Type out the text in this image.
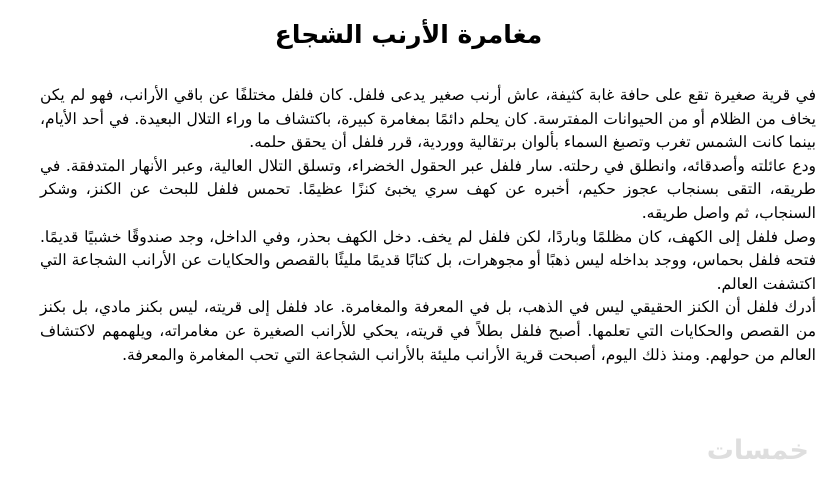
مغامرة الأرنب الشجاع

في قرية صغيرة تقع على حافة غابة كثيفة، عاش أرنب صغير يدعى فلفل. كان فلفل مختلفًا عن باقي الأرانب، فهو لم يكن يخاف من الظلام أو من الحيوانات المفترسة. كان يحلم دائمًا بمغامرة كبيرة، باكتشاف ما وراء التلال البعيدة. في أحد الأيام، بينما كانت الشمس تغرب وتصبغ السماء بألوان برتقالية ووردية، قرر فلفل أن يحقق حلمه.

ودع عائلته وأصدقائه، وانطلق في رحلته. سار فلفل عبر الحقول الخضراء، وتسلق التلال العالية، وعبر الأنهار المتدفقة. في طريقه، التقى بسنجاب عجوز حكيم، أخبره عن كهف سري يخبئ كنزًا عظيمًا. تحمس فلفل للبحث عن الكنز، وشكر السنجاب، ثم واصل طريقه.

وصل فلفل إلى الكهف، كان مظلمًا وباردًا، لكن فلفل لم يخف. دخل الكهف بحذر، وفي الداخل، وجد صندوقًا خشبيًا قديمًا. فتحه فلفل بحماس، ووجد بداخله ليس ذهبًا أو مجوهرات، بل كتابًا قديمًا مليئًا بالقصص والحكايات عن الأرانب الشجاعة التي اكتشفت العالم.

أدرك فلفل أن الكنز الحقيقي ليس في الذهب، بل في المعرفة والمغامرة. عاد فلفل إلى قريته، ليس بكنز مادي، بل بكنز من القصص والحكايات التي تعلمها. أصبح فلفل بطلاً في قريته، يحكي للأرانب الصغيرة عن مغامراته، ويلهمهم لاكتشاف العالم من حولهم. ومنذ ذلك اليوم، أصبحت قرية الأرانب مليئة بالأرانب الشجاعة التي تحب المغامرة والمعرفة.

خمسات
